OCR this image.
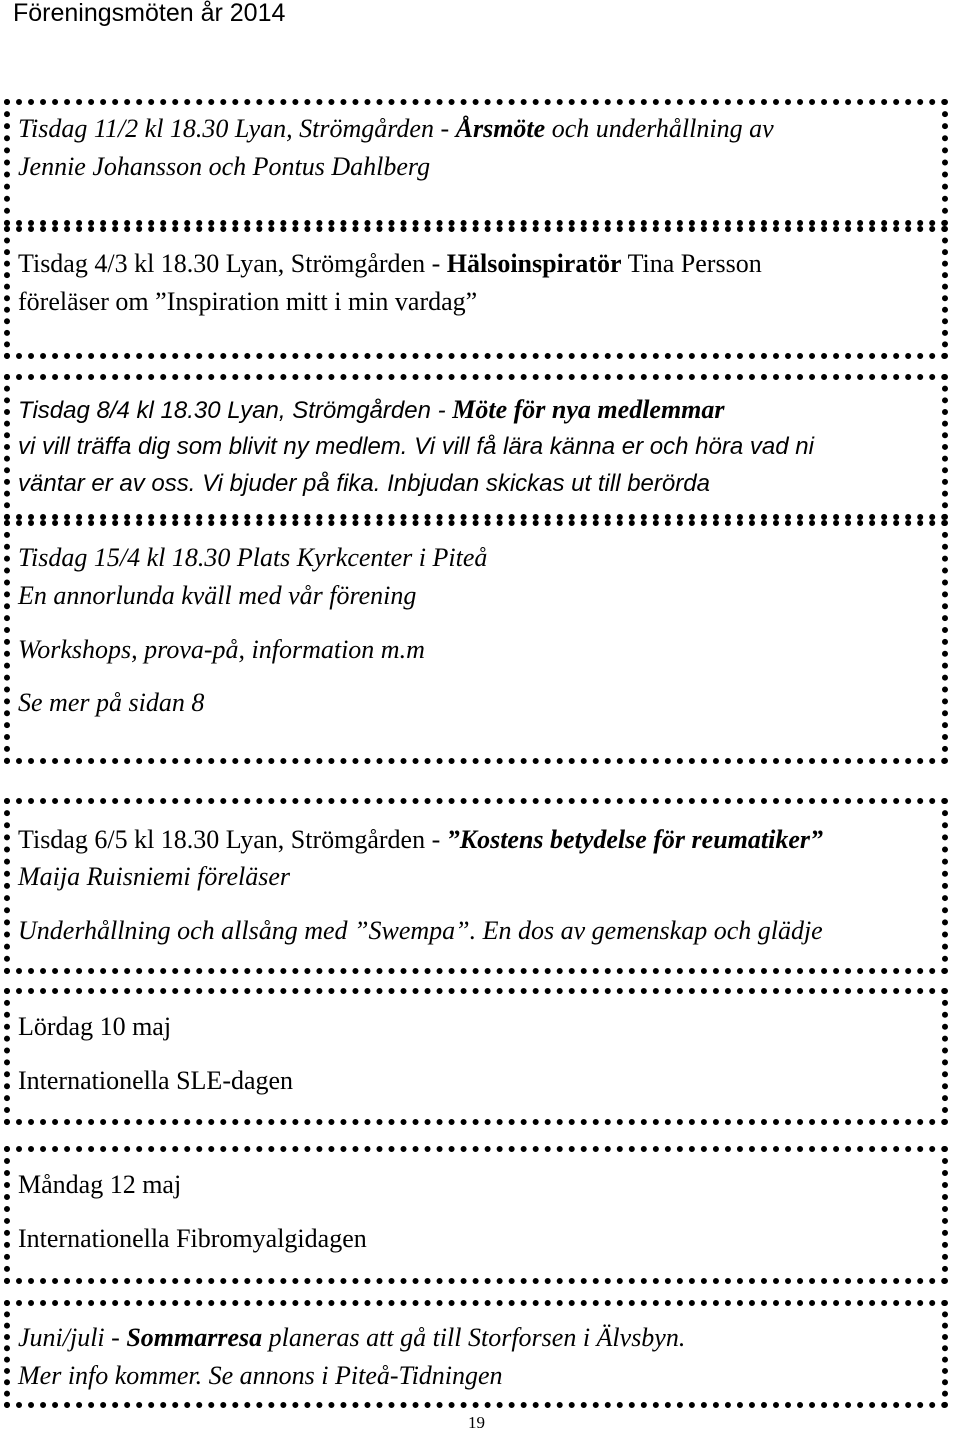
Föreningsmöten år 2014
Tisdag 11/2 kl 18.30 Lyan, Strömgården - Årsmöte och underhållning av
Jennie Johansson och Pontus Dahlberg
Tisdag 4/3 kl 18.30 Lyan, Strömgården - Hälsoinspiratör Tina Persson
föreläser om ”Inspiration mitt i min vardag”
Tisdag 8/4 kl 18.30 Lyan, Strömgården - Möte för nya medlemmar
vi vill träffa dig som blivit ny medlem. Vi vill få lära känna er och höra vad ni
väntar er av oss. Vi bjuder på fika. Inbjudan skickas ut till berörda
Tisdag 15/4 kl 18.30 Plats Kyrkcenter i Piteå
En annorlunda kväll med vår förening
Workshops, prova-på, information m.m
Se mer på sidan 8
Tisdag 6/5 kl 18.30 Lyan, Strömgården - ”Kostens betydelse för reumatiker”
Maija Ruisniemi föreläser
Underhållning och allsång med ”Swempa”. En dos av gemenskap och glädje
Lördag 10 maj
Internationella SLE-dagen
Måndag 12 maj
Internationella Fibromyalgidagen
Juni/juli - Sommarresa planeras att gå till Storforsen i Älvsbyn.
Mer info kommer. Se annons i Piteå-Tidningen
19
